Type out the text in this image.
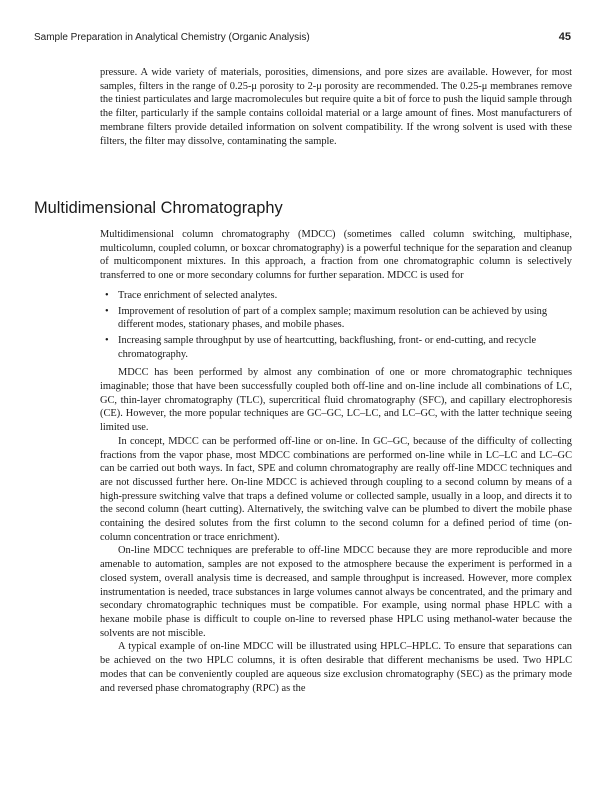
Sample Preparation in Analytical Chemistry (Organic Analysis)	45

pressure. A wide variety of materials, porosities, dimensions, and pore sizes are available. However, for most samples, filters in the range of 0.25-μ porosity to 2-μ porosity are recommended. The 0.25-μ membranes remove the tiniest particulates and large macromolecules but require quite a bit of force to push the liquid sample through the filter, particularly if the sample contains colloidal material or a large amount of fines. Most manufacturers of membrane filters provide detailed information on solvent compatibility. If the wrong solvent is used with these filters, the filter may dissolve, contaminating the sample.

Multidimensional Chromatography

Multidimensional column chromatography (MDCC) (sometimes called column switching, multiphase, multicolumn, coupled column, or boxcar chromatography) is a powerful technique for the separation and cleanup of multicomponent mixtures. In this approach, a fraction from one chromatographic column is selectively transferred to one or more secondary columns for further separation. MDCC is used for

• Trace enrichment of selected analytes.
• Improvement of resolution of part of a complex sample; maximum resolution can be achieved by using different modes, stationary phases, and mobile phases.
• Increasing sample throughput by use of heartcutting, backflushing, front- or end-cutting, and recycle chromatography.

MDCC has been performed by almost any combination of one or more chromatographic techniques imaginable; those that have been successfully coupled both off-line and on-line include all combinations of LC, GC, thin-layer chromatography (TLC), supercritical fluid chromatography (SFC), and capillary electrophoresis (CE). However, the more popular techniques are GC–GC, LC–LC, and LC–GC, with the latter technique seeing limited use.

In concept, MDCC can be performed off-line or on-line. In GC–GC, because of the difficulty of collecting fractions from the vapor phase, most MDCC combinations are performed on-line while in LC–LC and LC–GC can be carried out both ways. In fact, SPE and column chromatography are really off-line MDCC techniques and are not discussed further here. On-line MDCC is achieved through coupling to a second column by means of a high-pressure switching valve that traps a defined volume or collected sample, usually in a loop, and directs it to the second column (heart cutting). Alternatively, the switching valve can be plumbed to divert the mobile phase containing the desired solutes from the first column to the second column for a defined period of time (on-column concentration or trace enrichment).

On-line MDCC techniques are preferable to off-line MDCC because they are more reproducible and more amenable to automation, samples are not exposed to the atmosphere because the experiment is performed in a closed system, overall analysis time is decreased, and sample throughput is increased. However, more complex instrumentation is needed, trace substances in large volumes cannot always be concentrated, and the primary and secondary chromatographic techniques must be compatible. For example, using normal phase HPLC with a hexane mobile phase is difficult to couple on-line to reversed phase HPLC using methanol-water because the solvents are not miscible.

A typical example of on-line MDCC will be illustrated using HPLC–HPLC. To ensure that separations can be achieved on the two HPLC columns, it is often desirable that different mechanisms be used. Two HPLC modes that can be conveniently coupled are aqueous size exclusion chromatography (SEC) as the primary mode and reversed phase chromatography (RPC) as the
